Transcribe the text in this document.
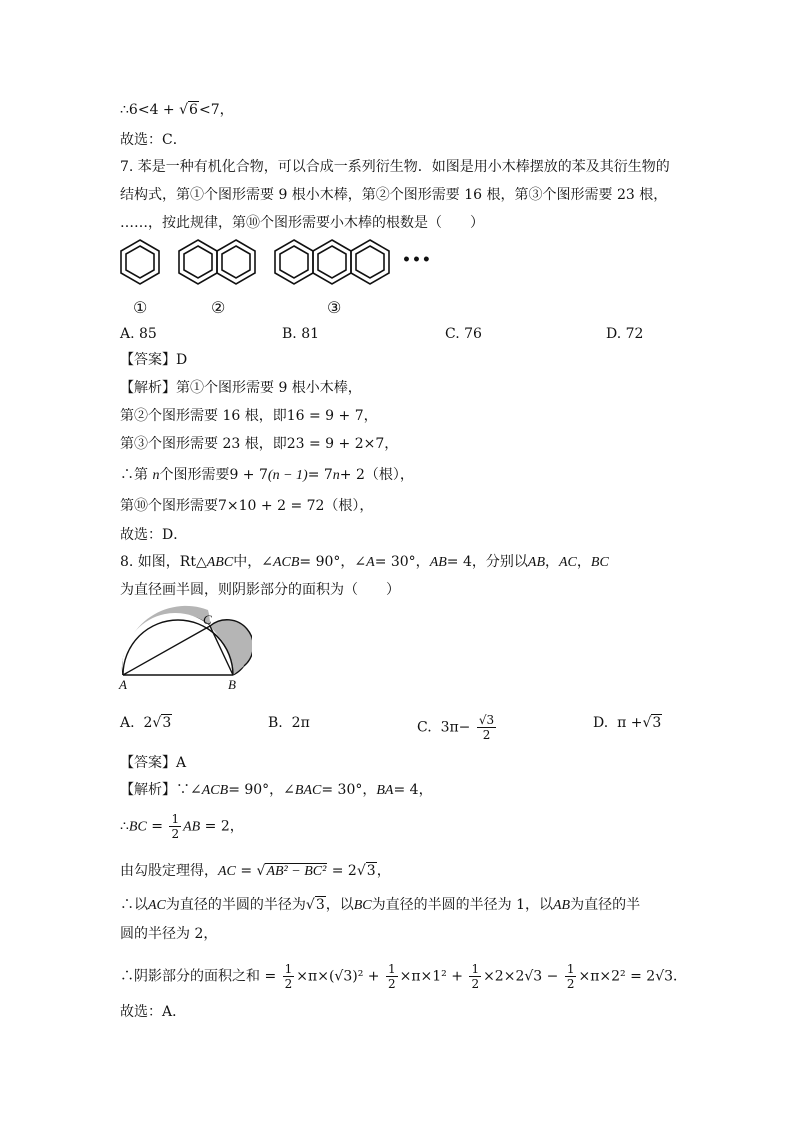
∴6<4 + √6<7，
故选：C．
7. 苯是一种有机化合物，可以合成一系列衍生物．如图是用小木棒摆放的苯及其衍生物的
结构式，第①个图形需要 9 根小木棒，第②个图形需要 16 根，第③个图形需要 23 根，
……，按此规律，第⑩个图形需要小木棒的根数是（　　）
•••
①	②	③
A. 85	B. 81	C. 76	D. 72
【答案】D
【解析】第①个图形需要 9 根小木棒，
第②个图形需要 16 根，即16 = 9 + 7，
第③个图形需要 23 根，即23 = 9 + 2×7，
∴第 n个图形需要9 + 7(n − 1)= 7n+ 2（根），
第⑩个图形需要7×10 + 2 = 72（根），
故选：D．
8. 如图，Rt△ABC中，∠ACB= 90°，∠A= 30°，AB= 4，分别以AB，AC，BC
为直径画半圆，则阴影部分的面积为（　　）
C
A	B
A. 2√3	B. 2π	C. $3\pi- \frac{√3}{2}$	D. π +√3
【答案】A
【解析】∵∠ACB= 90°，∠BAC= 30°，BA= 4，
∴BC = $\frac{1}{2}$ AB = 2，
由勾股定理得，AC = √AB² − BC² = 2√3，
∴以AC为直径的半圆的半径为√3，以BC为直径的半圆的半径为 1，以AB为直径的半
圆的半径为 2，
∴阴影部分的面积之和 = $\frac{1}{2} \times\pi\times(√3)^2 + \frac{1}{2} \times\pi\times 1^2 + \frac{1}{2} \times 2\times 2√3 - \frac{1}{2} \times\pi\times 2^2 = 2√3$．
故选：A．
